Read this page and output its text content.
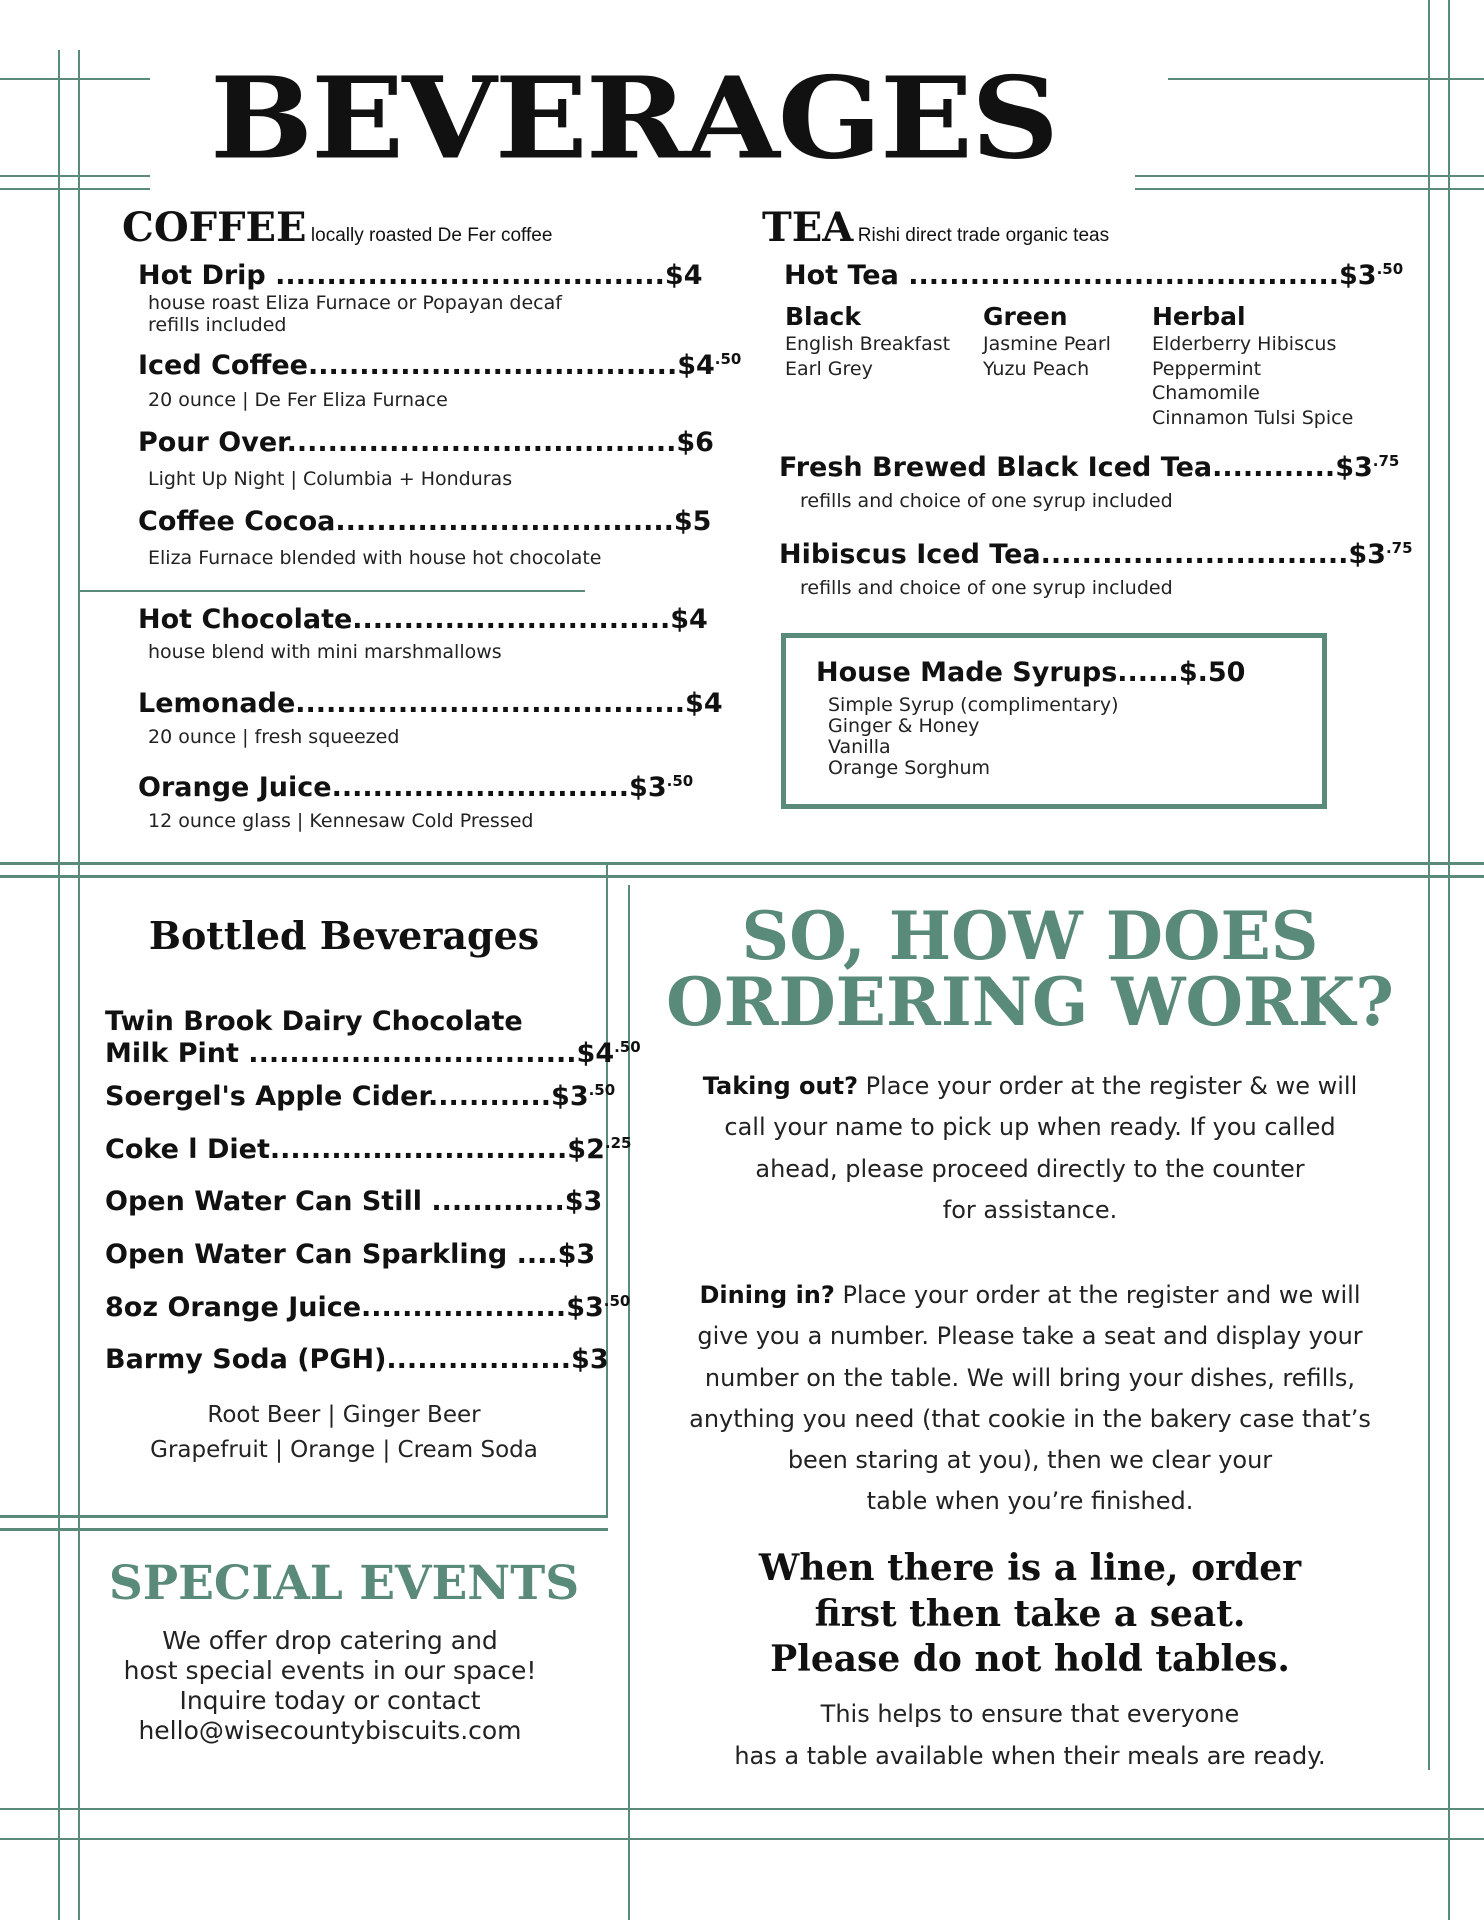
BEVERAGES
COFFEE locally roasted De Fer coffee
Hot Drip ......................................$4
house roast Eliza Furnace or Popayan decaf
refills included
Iced $Coffee....................................\$4^{.50}$
20 ounce | De Fer Eliza Furnace
Pour Over......................................$6
Light Up Night | Columbia + Honduras
Coffee Cocoa.................................$5
Eliza Furnace blended with house hot chocolate
Hot Chocolate...............................$4
house blend with mini marshmallows
Lemonade......................................$4
20 ounce | fresh squeezed
Orange $Juice.............................\$3^{.50}$
12 ounce glass | Kennesaw Cold Pressed
TEA Rishi direct trade organic teas
Hot Tea $..........................................\$3^{.50}$
Black
English Breakfast
Earl Grey
Green
Jasmine Pearl
Yuzu Peach
Herbal
Elderberry Hibiscus
Peppermint
Chamomile
Cinnamon Tulsi Spice
Fresh Brewed Black Iced $Tea............\$3^{.75}$
refills and choice of one syrup included
Hibiscus Iced $Tea..............................\$3^{.75}$
refills and choice of one syrup included
House Made Syrups......$.50
Simple Syrup (complimentary)
Ginger & Honey
Vanilla
Orange Sorghum
Bottled Beverages
Twin Brook Dairy Chocolate
Milk Pint $................................\$4^{.50}$
Soergel's Apple $Cider............\$3^{.50}$
Coke l $Diet.............................\$2^{.25}$
Open Water Can Still .............$3
Open Water Can Sparkling ....$3
8oz Orange $Juice....................\$3^{.50}$
Barmy Soda (PGH)..................$3
Root Beer | Ginger Beer
Grapefruit | Orange | Cream Soda
SPECIAL EVENTS
We offer drop catering and
host special events in our space!
Inquire today or contact
hello@wisecountybiscuits.com
SO, HOW DOES
ORDERING WORK?
Taking out? Place your order at the register & we will
call your name to pick up when ready. If you called
ahead, please proceed directly to the counter
for assistance.
Dining in? Place your order at the register and we will
give you a number. Please take a seat and display your
number on the table. We will bring your dishes, refills,
anything you need (that cookie in the bakery case that’s
been staring at you), then we clear your
table when you’re finished.
When there is a line, order
first then take a seat.
Please do not hold tables.
This helps to ensure that everyone
has a table available when their meals are ready.
